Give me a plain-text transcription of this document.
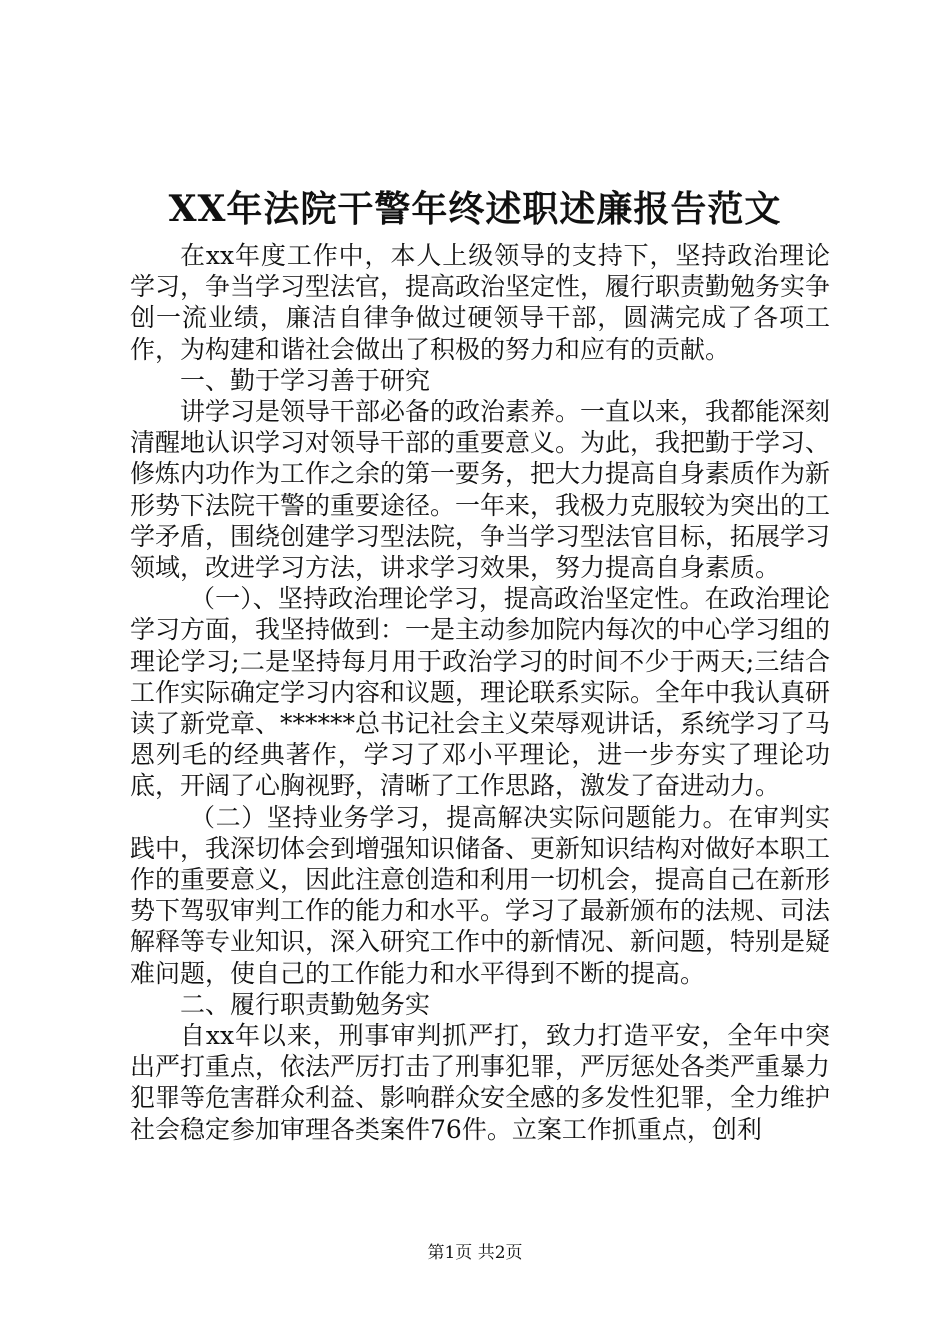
XX年法院干警年终述职述廉报告范文

在xx年度工作中，本人上级领导的支持下，坚持政治理论学习，争当学习型法官，提高政治坚定性，履行职责勤勉务实争创一流业绩，廉洁自律争做过硬领导干部，圆满完成了各项工作，为构建和谐社会做出了积极的努力和应有的贡献。

一、勤于学习善于研究

讲学习是领导干部必备的政治素养。一直以来，我都能深刻清醒地认识学习对领导干部的重要意义。为此，我把勤于学习、修炼内功作为工作之余的第一要务，把大力提高自身素质作为新形势下法院干警的重要途径。一年来，我极力克服较为突出的工学矛盾，围绕创建学习型法院，争当学习型法官目标，拓展学习领域，改进学习方法，讲求学习效果，努力提高自身素质。

（一）、坚持政治理论学习，提高政治坚定性。在政治理论学习方面，我坚持做到：一是主动参加院内每次的中心学习组的理论学习;二是坚持每月用于政治学习的时间不少于两天;三结合工作实际确定学习内容和议题，理论联系实际。全年中我认真研读了新党章、******总书记社会主义荣辱观讲话，系统学习了马恩列毛的经典著作，学习了邓小平理论，进一步夯实了理论功底，开阔了心胸视野，清晰了工作思路，激发了奋进动力。

（二）坚持业务学习，提高解决实际问题能力。在审判实践中，我深切体会到增强知识储备、更新知识结构对做好本职工作的重要意义，因此注意创造和利用一切机会，提高自己在新形势下驾驭审判工作的能力和水平。学习了最新颁布的法规、司法解释等专业知识，深入研究工作中的新情况、新问题，特别是疑难问题，使自己的工作能力和水平得到不断的提高。

二、履行职责勤勉务实

自xx年以来，刑事审判抓严打，致力打造平安，全年中突出严打重点，依法严厉打击了刑事犯罪，严厉惩处各类严重暴力犯罪等危害群众利益、影响群众安全感的多发性犯罪，全力维护社会稳定参加审理各类案件76件。立案工作抓重点，创利

第1页 共2页
